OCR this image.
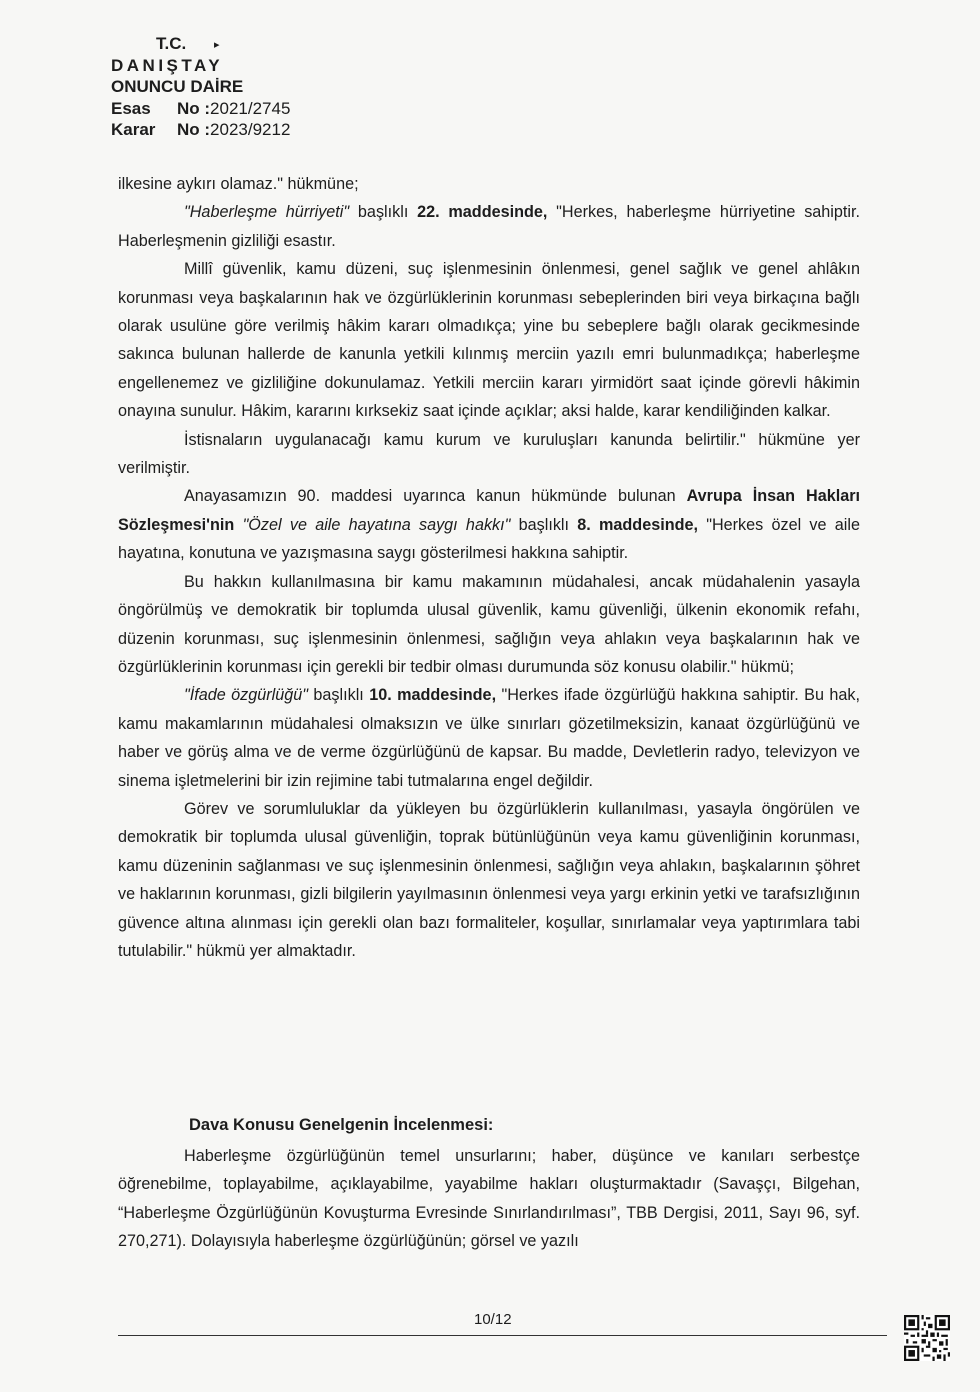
▸
T.C.
DANIŞTAY
ONUNCU DAİRE
Esas	No : 2021/2745
Karar	No : 2023/9212

ilkesine aykırı olamaz." hükmüne;

"Haberleşme hürriyeti" başlıklı 22. maddesinde, "Herkes, haberleşme hürriyetine sahiptir. Haberleşmenin gizliliği esastır.

Millî güvenlik, kamu düzeni, suç işlenmesinin önlenmesi, genel sağlık ve genel ahlâkın korunması veya başkalarının hak ve özgürlüklerinin korunması sebeplerinden biri veya birkaçına bağlı olarak usulüne göre verilmiş hâkim kararı olmadıkça; yine bu sebeplere bağlı olarak gecikmesinde sakınca bulunan hallerde de kanunla yetkili kılınmış merciin yazılı emri bulunmadıkça; haberleşme engellenemez ve gizliliğine dokunulamaz. Yetkili merciin kararı yirmidört saat içinde görevli hâkimin onayına sunulur. Hâkim, kararını kırksekiz saat içinde açıklar; aksi halde, karar kendiliğinden kalkar.

İstisnaların uygulanacağı kamu kurum ve kuruluşları kanunda belirtilir." hükmüne yer verilmiştir.

Anayasamızın 90. maddesi uyarınca kanun hükmünde bulunan Avrupa İnsan Hakları Sözleşmesi'nin "Özel ve aile hayatına saygı hakkı" başlıklı 8. maddesinde, "Herkes özel ve aile hayatına, konutuna ve yazışmasına saygı gösterilmesi hakkına sahiptir.

Bu hakkın kullanılmasına bir kamu makamının müdahalesi, ancak müdahalenin yasayla öngörülmüş ve demokratik bir toplumda ulusal güvenlik, kamu güvenliği, ülkenin ekonomik refahı, düzenin korunması, suç işlenmesinin önlenmesi, sağlığın veya ahlakın veya başkalarının hak ve özgürlüklerinin korunması için gerekli bir tedbir olması durumunda söz konusu olabilir." hükmü;

"İfade özgürlüğü" başlıklı 10. maddesinde, "Herkes ifade özgürlüğü hakkına sahiptir. Bu hak, kamu makamlarının müdahalesi olmaksızın ve ülke sınırları gözetilmeksizin, kanaat özgürlüğünü ve haber ve görüş alma ve de verme özgürlüğünü de kapsar. Bu madde, Devletlerin radyo, televizyon ve sinema işletmelerini bir izin rejimine tabi tutmalarına engel değildir.

Görev ve sorumluluklar da yükleyen bu özgürlüklerin kullanılması, yasayla öngörülen ve demokratik bir toplumda ulusal güvenliğin, toprak bütünlüğünün veya kamu güvenliğinin korunması, kamu düzeninin sağlanması ve suç işlenmesinin önlenmesi, sağlığın veya ahlakın, başkalarının şöhret ve haklarının korunması, gizli bilgilerin yayılmasının önlenmesi veya yargı erkinin yetki ve tarafsızlığının güvence altına alınması için gerekli olan bazı formaliteler, koşullar, sınırlamalar veya yaptırımlara tabi tutulabilir." hükmü yer almaktadır.

Dava Konusu Genelgenin İncelenmesi:

Haberleşme özgürlüğünün temel unsurlarını; haber, düşünce ve kanıları serbestçe öğrenebilme, toplayabilme, açıklayabilme, yayabilme hakları oluşturmaktadır (Savaşçı, Bilgehan, “Haberleşme Özgürlüğünün Kovuşturma Evresinde Sınırlandırılması”, TBB Dergisi, 2011, Sayı 96, syf. 270,271). Dolayısıyla haberleşme özgürlüğünün; görsel ve yazılı

10/12
